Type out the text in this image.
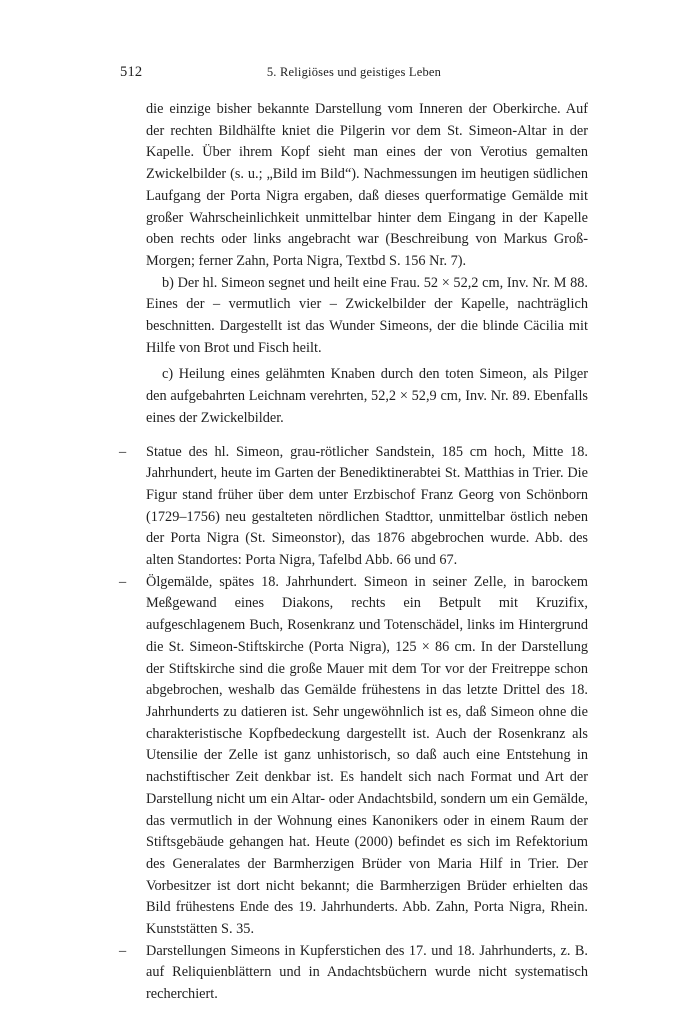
512	5. Religiöses und geistiges Leben

die einzige bisher bekannte Darstellung vom Inneren der Oberkirche. Auf der rechten Bildhälfte kniet die Pilgerin vor dem St. Simeon-Altar in der Kapelle. Über ihrem Kopf sieht man eines der von Verotius gemalten Zwickelbilder (s. u.; „Bild im Bild“). Nachmessungen im heutigen südlichen Laufgang der Porta Nigra ergaben, daß dieses querformatige Gemälde mit großer Wahrscheinlichkeit unmittelbar hinter dem Eingang in der Kapelle oben rechts oder links angebracht war (Beschreibung von Markus Groß-Morgen; ferner Zahn, Porta Nigra, Textbd S. 156 Nr. 7).

b) Der hl. Simeon segnet und heilt eine Frau. 52 × 52,2 cm, Inv. Nr. M 88. Eines der – vermutlich vier – Zwickelbilder der Kapelle, nachträglich beschnitten. Dargestellt ist das Wunder Simeons, der die blinde Cäcilia mit Hilfe von Brot und Fisch heilt.

c) Heilung eines gelähmten Knaben durch den toten Simeon, als Pilger den aufgebahrten Leichnam verehrten, 52,2 × 52,9 cm, Inv. Nr. 89. Ebenfalls eines der Zwickelbilder.

– Statue des hl. Simeon, grau-rötlicher Sandstein, 185 cm hoch, Mitte 18. Jahrhundert, heute im Garten der Benediktinerabtei St. Matthias in Trier. Die Figur stand früher über dem unter Erzbischof Franz Georg von Schönborn (1729–1756) neu gestalteten nördlichen Stadttor, unmittelbar östlich neben der Porta Nigra (St. Simeonstor), das 1876 abgebrochen wurde. Abb. des alten Standortes: Porta Nigra, Tafelbd Abb. 66 und 67.
– Ölgemälde, spätes 18. Jahrhundert. Simeon in seiner Zelle, in barockem Meßgewand eines Diakons, rechts ein Betpult mit Kruzifix, aufgeschlagenem Buch, Rosenkranz und Totenschädel, links im Hintergrund die St. Simeon-Stiftskirche (Porta Nigra), 125 × 86 cm. In der Darstellung der Stiftskirche sind die große Mauer mit dem Tor vor der Freitreppe schon abgebrochen, weshalb das Gemälde frühestens in das letzte Drittel des 18. Jahrhunderts zu datieren ist. Sehr ungewöhnlich ist es, daß Simeon ohne die charakteristische Kopfbedeckung dargestellt ist. Auch der Rosenkranz als Utensilie der Zelle ist ganz unhistorisch, so daß auch eine Entstehung in nachstiftischer Zeit denkbar ist. Es handelt sich nach Format und Art der Darstellung nicht um ein Altar- oder Andachtsbild, sondern um ein Gemälde, das vermutlich in der Wohnung eines Kanonikers oder in einem Raum der Stiftsgebäude gehangen hat. Heute (2000) befindet es sich im Refektorium des Generalates der Barmherzigen Brüder von Maria Hilf in Trier. Der Vorbesitzer ist dort nicht bekannt; die Barmherzigen Brüder erhielten das Bild frühestens Ende des 19. Jahrhunderts. Abb. Zahn, Porta Nigra, Rhein. Kunststätten S. 35.
– Darstellungen Simeons in Kupferstichen des 17. und 18. Jahrhunderts, z. B. auf Reliquienblättern und in Andachtsbüchern wurde nicht systematisch recherchiert.
